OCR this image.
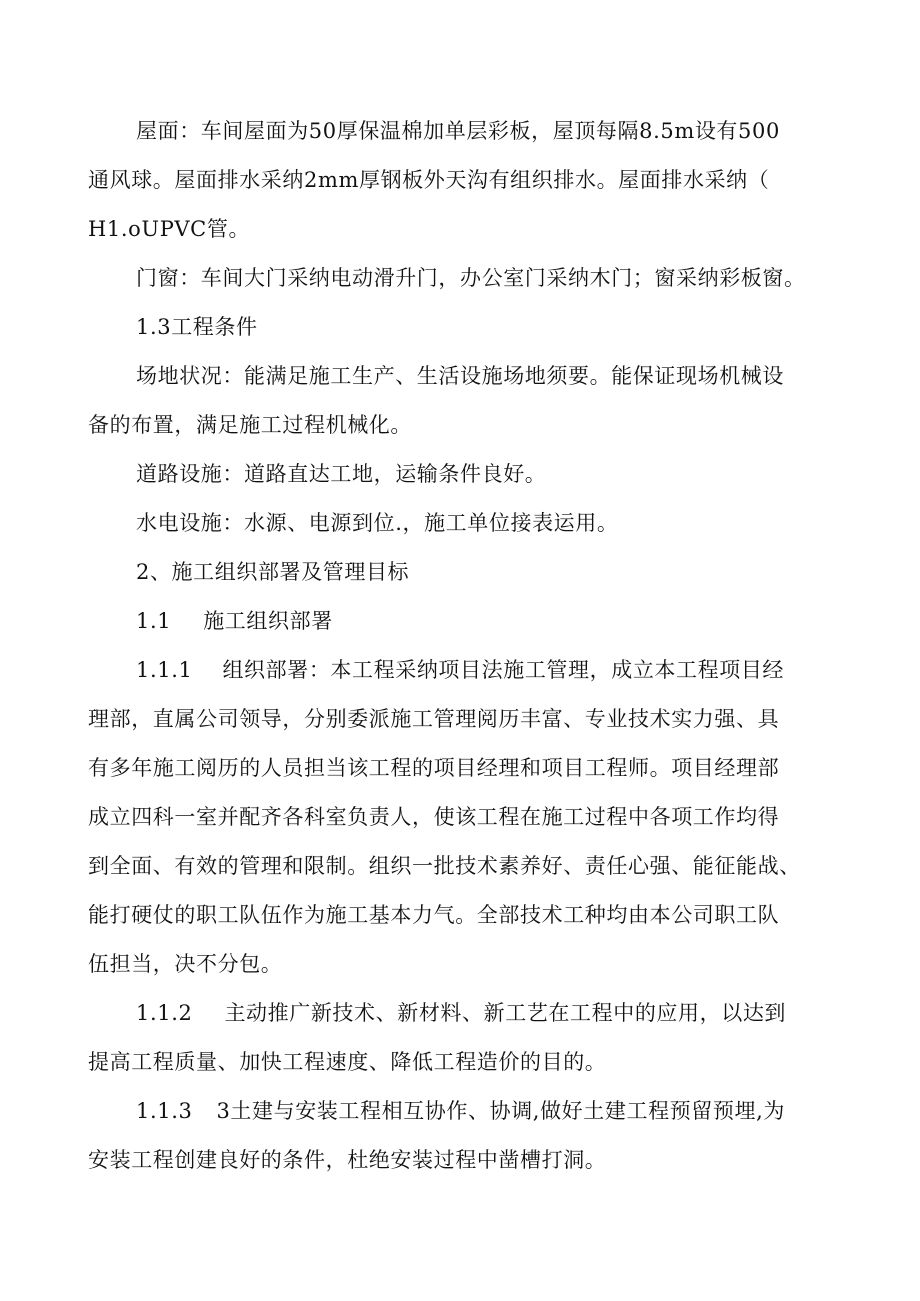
屋面：车间屋面为50厚保温棉加单层彩板，屋顶每隔8.5m设有500
通风球。屋面排水采纳2mm厚钢板外天沟有组织排水。屋面排水采纳（
H1.oUPVC管。
门窗：车间大门采纳电动滑升门，办公室门采纳木门；窗采纳彩板窗。
1.3工程条件
场地状况：能满足施工生产、生活设施场地须要。能保证现场机械设
备的布置，满足施工过程机械化。
道路设施：道路直达工地，运输条件良好。
水电设施：水源、电源到位.，施工单位接表运用。
2、施工组织部署及管理目标
1.1 施工组织部署
1.1.1 组织部署：本工程采纳项目法施工管理，成立本工程项目经
理部，直属公司领导，分别委派施工管理阅历丰富、专业技术实力强、具
有多年施工阅历的人员担当该工程的项目经理和项目工程师。项目经理部
成立四科一室并配齐各科室负责人，使该工程在施工过程中各项工作均得
到全面、有效的管理和限制。组织一批技术素养好、责任心强、能征能战、
能打硬仗的职工队伍作为施工基本力气。全部技术工种均由本公司职工队
伍担当，决不分包。
1.1.2 主动推广新技术、新材料、新工艺在工程中的应用，以达到
提高工程质量、加快工程速度、降低工程造价的目的。
1.1.3 3土建与安装工程相互协作、协调,做好土建工程预留预埋,为
安装工程创建良好的条件，杜绝安装过程中凿槽打洞。
